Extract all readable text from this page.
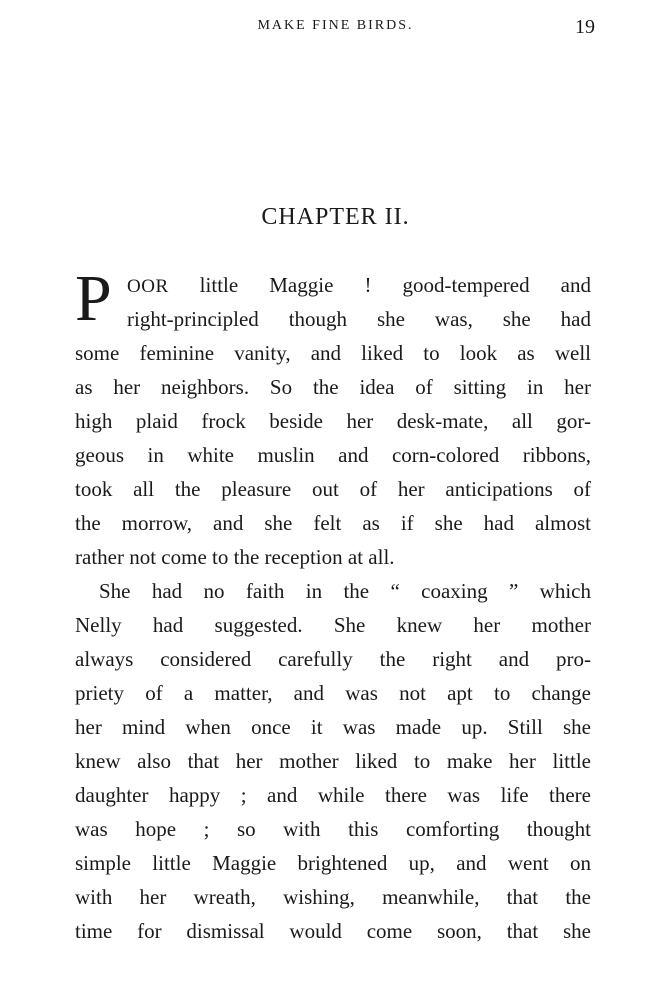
MAKE FINE BIRDS.	19
CHAPTER II.
P OOR little Maggie ! good-tempered and
right-principled though she was, she had
some feminine vanity, and liked to look as well
as her neighbors. So the idea of sitting in her
high plaid frock beside her desk-mate, all gor-
geous in white muslin and corn-colored ribbons,
took all the pleasure out of her anticipations of
the morrow, and she felt as if she had almost
rather not come to the reception at all.
She had no faith in the “ coaxing ” which
Nelly had suggested. She knew her mother
always considered carefully the right and pro-
priety of a matter, and was not apt to change
her mind when once it was made up. Still she
knew also that her mother liked to make her little
daughter happy ; and while there was life there
was hope ; so with this comforting thought
simple little Maggie brightened up, and went on
with her wreath, wishing, meanwhile, that the
time for dismissal would come soon, that she
